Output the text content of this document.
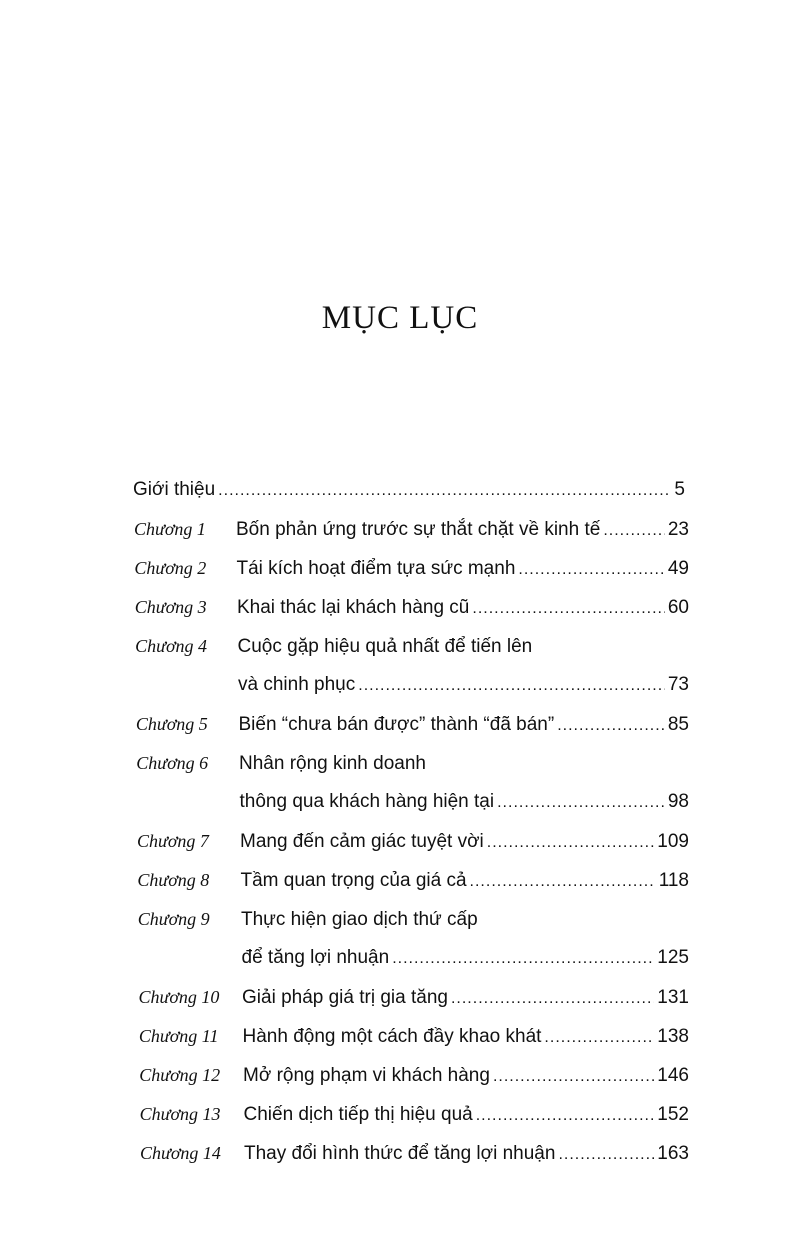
MỤC LỤC
Giới thiệu .....	5
Chương 1	Bốn phản ứng trước sự thắt chặt về kinh tế .....	23
Chương 2	Tái kích hoạt điểm tựa sức mạnh .....	49
Chương 3	Khai thác lại khách hàng cũ .....	60
Chương 4	Cuộc gặp hiệu quả nhất để tiến lên
và chinh phục .....	73
Chương 5	Biến “chưa bán được” thành “đã bán” .....	85
Chương 6	Nhân rộng kinh doanh
thông qua khách hàng hiện tại .....	98
Chương 7	Mang đến cảm giác tuyệt vời .....	109
Chương 8	Tầm quan trọng của giá cả .....	118
Chương 9	Thực hiện giao dịch thứ cấp
để tăng lợi nhuận .....	125
Chương 10	Giải pháp giá trị gia tăng .....	131
Chương 11	Hành động một cách đầy khao khát .....	138
Chương 12	Mở rộng phạm vi khách hàng .....	146
Chương 13	Chiến dịch tiếp thị hiệu quả .....	152
Chương 14	Thay đổi hình thức để tăng lợi nhuận .....	163
